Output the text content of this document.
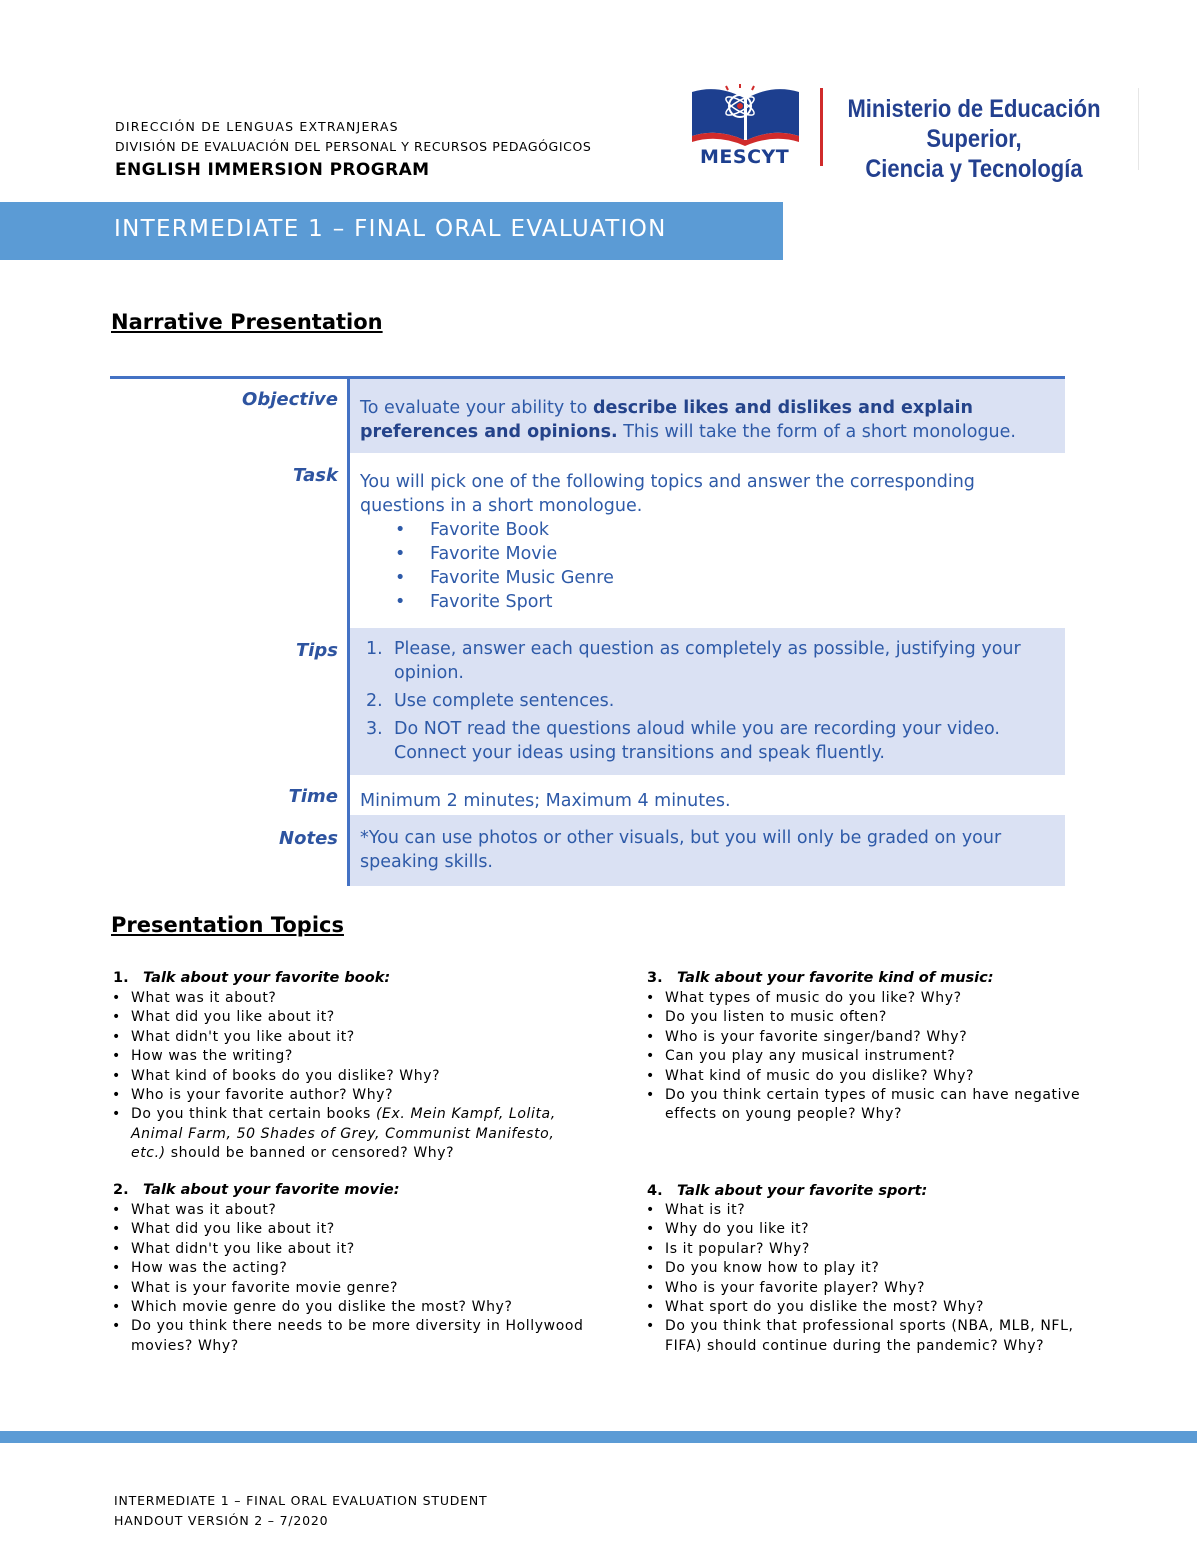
DIRECCIÓN DE LENGUAS EXTRANJERAS
DIVISIÓN DE EVALUACIÓN DEL PERSONAL Y RECURSOS PEDAGÓGICOS
ENGLISH IMMERSION PROGRAM
MESCYT
Ministerio de Educación Superior,
Ciencia y Tecnología
INTERMEDIATE 1 – FINAL ORAL EVALUATION
Narrative Presentation
Objective To evaluate your ability to describe likes and dislikes and explain preferences and opinions. This will take the form of a short monologue.
Task You will pick one of the following topics and answer the corresponding questions in a short monologue.
• Favorite Book
• Favorite Movie
• Favorite Music Genre
• Favorite Sport
Tips 1. Please, answer each question as completely as possible, justifying your opinion.
2. Use complete sentences.
3. Do NOT read the questions aloud while you are recording your video. Connect your ideas using transitions and speak fluently.
Time Minimum 2 minutes; Maximum 4 minutes.
Notes *You can use photos or other visuals, but you will only be graded on your speaking skills.
Presentation Topics
1. Talk about your favorite book:
• What was it about?
• What did you like about it?
• What didn't you like about it?
• How was the writing?
• What kind of books do you dislike? Why?
• Who is your favorite author? Why?
• Do you think that certain books (Ex. Mein Kampf, Lolita, Animal Farm, 50 Shades of Grey, Communist Manifesto, etc.) should be banned or censored? Why?
2. Talk about your favorite movie:
• What was it about?
• What did you like about it?
• What didn't you like about it?
• How was the acting?
• What is your favorite movie genre?
• Which movie genre do you dislike the most? Why?
• Do you think there needs to be more diversity in Hollywood movies? Why?
3. Talk about your favorite kind of music:
• What types of music do you like? Why?
• Do you listen to music often?
• Who is your favorite singer/band? Why?
• Can you play any musical instrument?
• What kind of music do you dislike? Why?
• Do you think certain types of music can have negative effects on young people? Why?
4. Talk about your favorite sport:
• What is it?
• Why do you like it?
• Is it popular? Why?
• Do you know how to play it?
• Who is your favorite player? Why?
• What sport do you dislike the most? Why?
• Do you think that professional sports (NBA, MLB, NFL, FIFA) should continue during the pandemic? Why?
INTERMEDIATE 1 – FINAL ORAL EVALUATION STUDENT
HANDOUT VERSIÓN 2 – 7/2020
